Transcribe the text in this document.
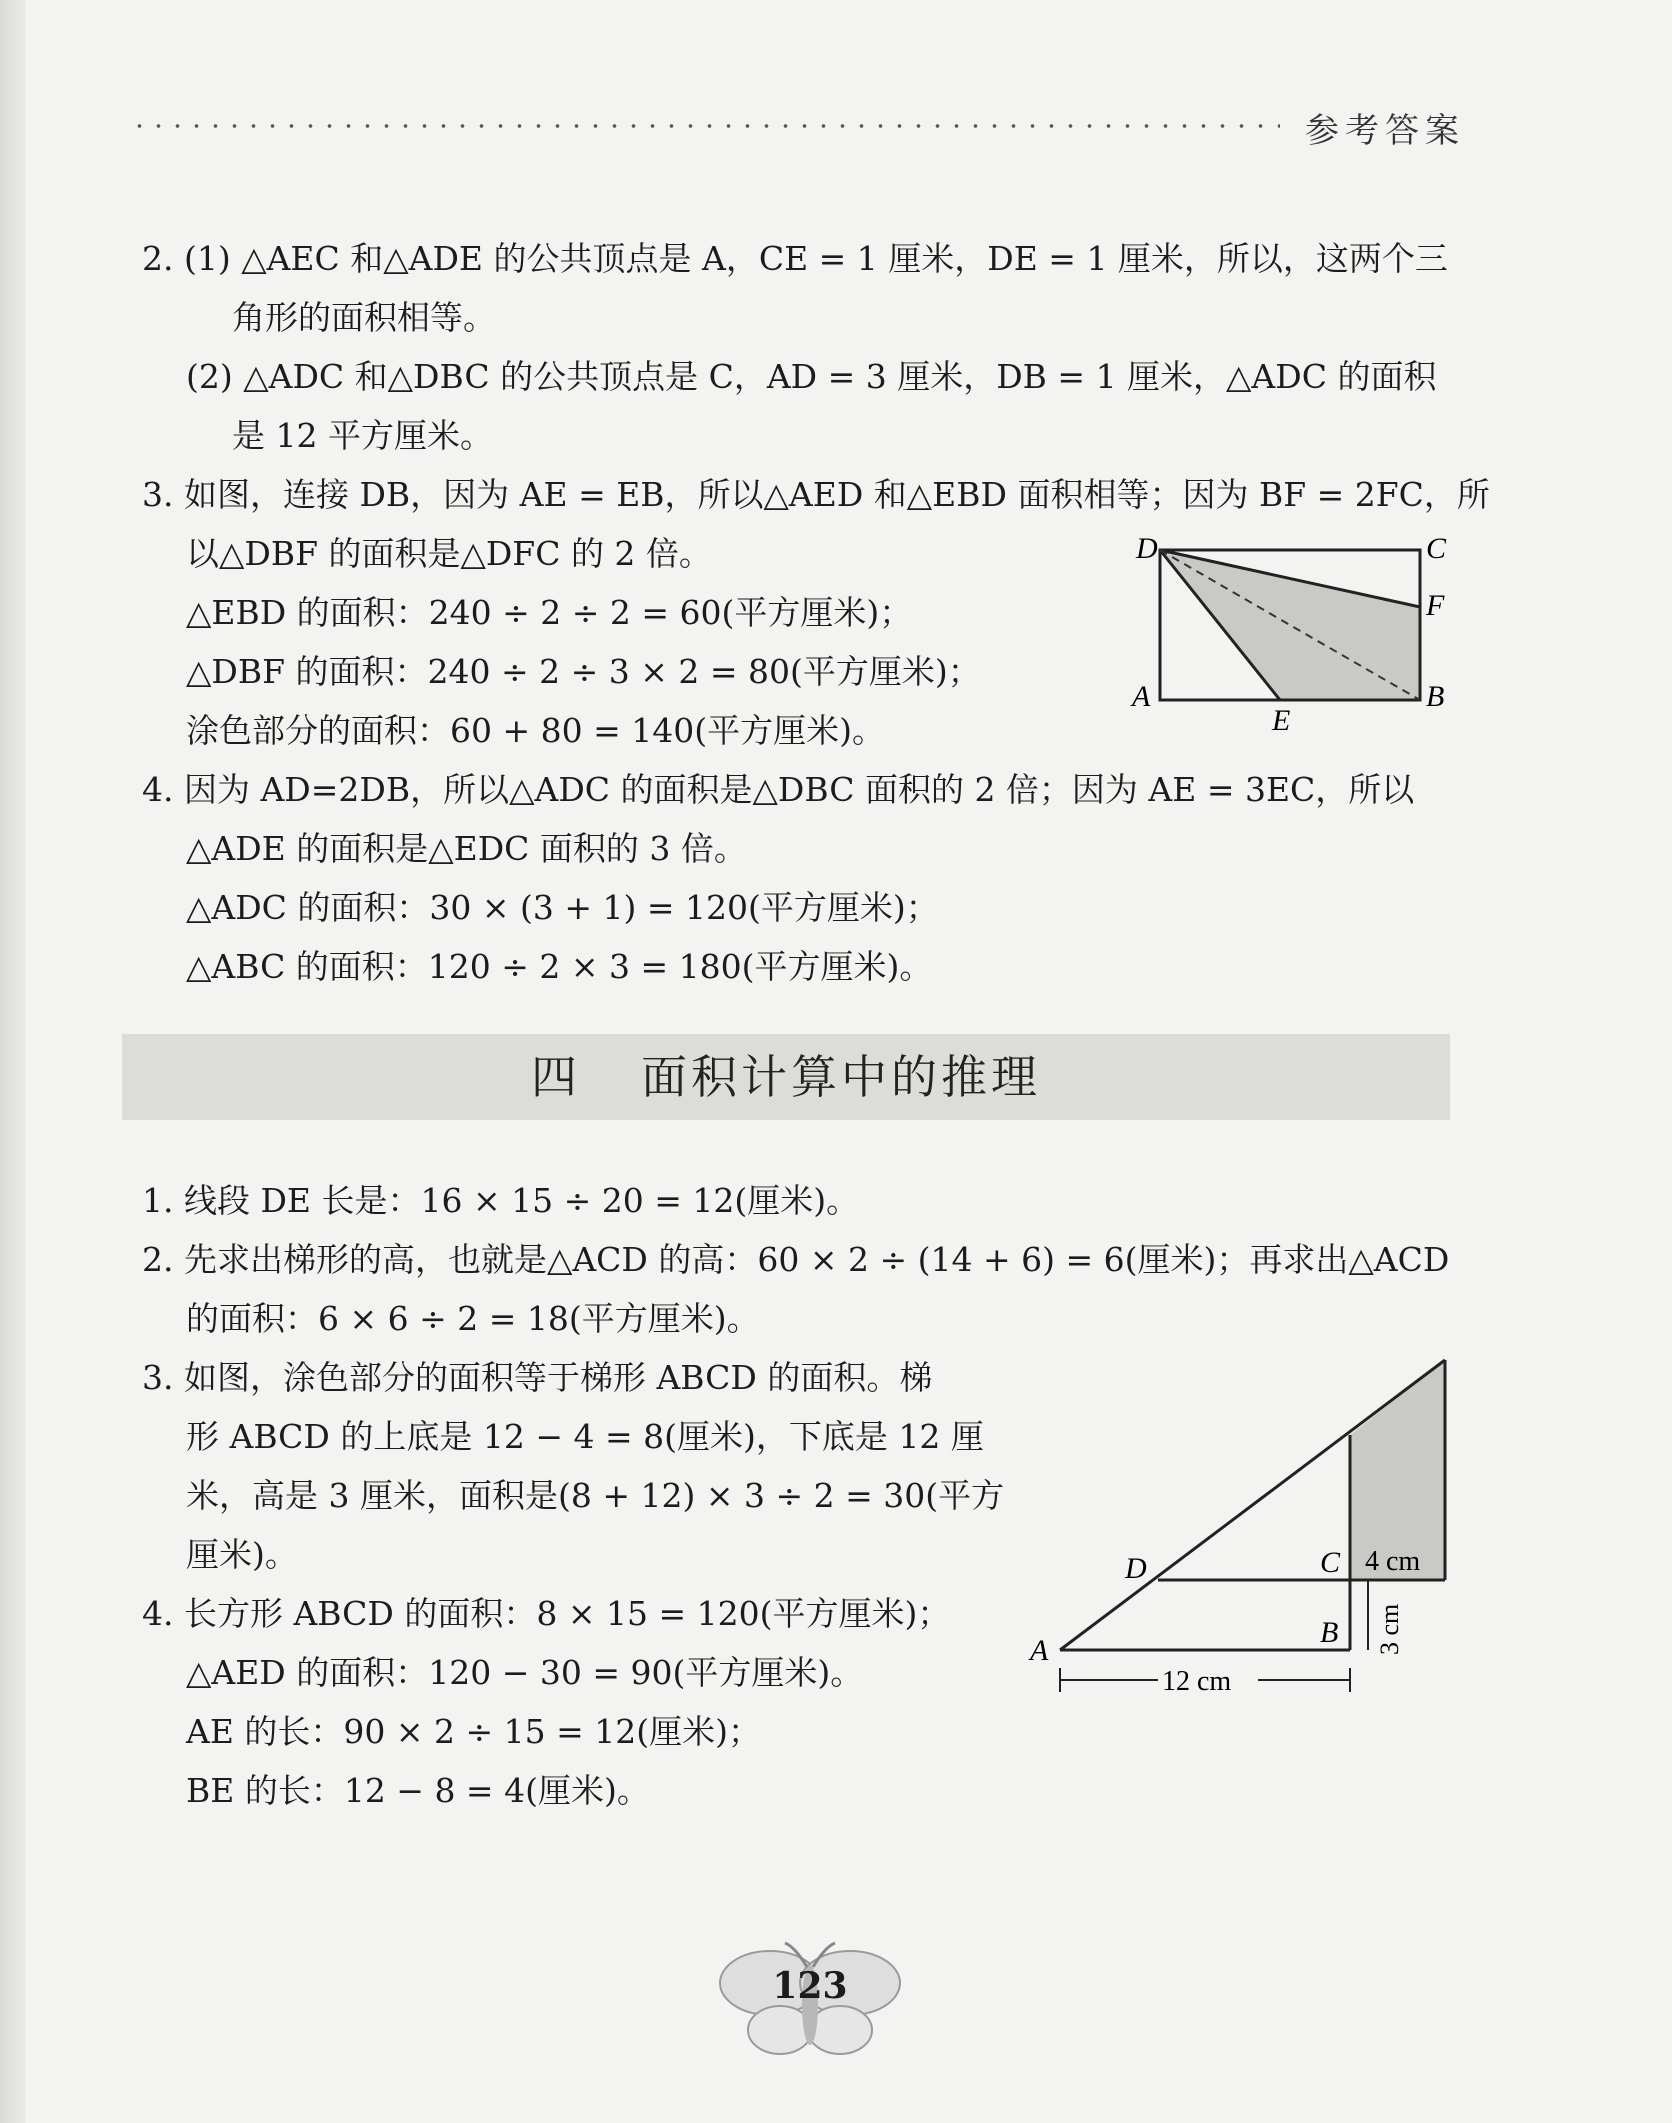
参考答案
2. (1) △AEC 和△ADE 的公共顶点是 A，CE = 1 厘米，DE = 1 厘米，所以，这两个三
角形的面积相等。
(2) △ADC 和△DBC 的公共顶点是 C，AD = 3 厘米，DB = 1 厘米，△ADC 的面积
是 12 平方厘米。
3. 如图，连接 DB，因为 AE = EB，所以△AED 和△EBD 面积相等；因为 BF = 2FC，所
以△DBF 的面积是△DFC 的 2 倍。
△EBD 的面积：240 ÷ 2 ÷ 2 = 60(平方厘米)；
△DBF 的面积：240 ÷ 2 ÷ 3 × 2 = 80(平方厘米)；
涂色部分的面积：60 + 80 = 140(平方厘米)。
4. 因为 AD=2DB，所以△ADC 的面积是△DBC 面积的 2 倍；因为 AE = 3EC，所以
△ADE 的面积是△EDC 面积的 3 倍。
△ADC 的面积：30 × (3 + 1) = 120(平方厘米)；
△ABC 的面积：120 ÷ 2 × 3 = 180(平方厘米)。
D	C
F
A
E
B
四 面积计算中的推理
1. 线段 DE 长是：16 × 15 ÷ 20 = 12(厘米)。
2. 先求出梯形的高，也就是△ACD 的高：60 × 2 ÷ (14 + 6) = 6(厘米)；再求出△ACD
的面积：6 × 6 ÷ 2 = 18(平方厘米)。
3. 如图，涂色部分的面积等于梯形 ABCD 的面积。梯
形 ABCD 的上底是 12 − 4 = 8(厘米)，下底是 12 厘
米，高是 3 厘米，面积是(8 + 12) × 3 ÷ 2 = 30(平方
厘米)。
4. 长方形 ABCD 的面积：8 × 15 = 120(平方厘米)；
△AED 的面积：120 − 30 = 90(平方厘米)。
AE 的长：90 × 2 ÷ 15 = 12(厘米)；
BE 的长：12 − 8 = 4(厘米)。
12 cm
3 cm
4 cm
D	C
A
B
123
